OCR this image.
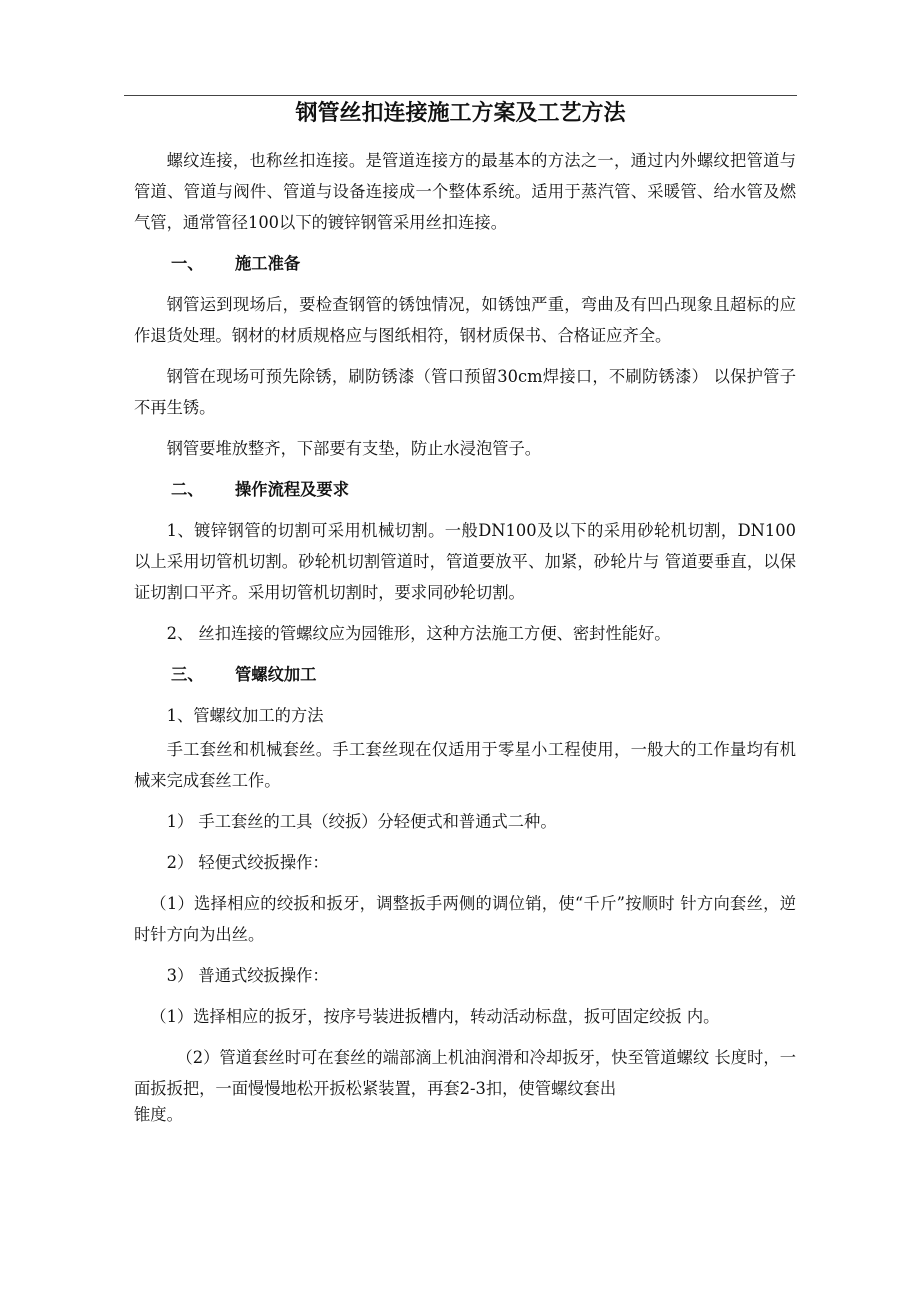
钢管丝扣连接施工方案及工艺方法

螺纹连接，也称丝扣连接。是管道连接方的最基本的方法之一，通过内外螺纹把管道与管道、管道与阀件、管道与设备连接成一个整体系统。适用于蒸汽管、采暖管、给水管及燃气管，通常管径100以下的镀锌钢管采用丝扣连接。

一、 施工准备

钢管运到现场后，要检查钢管的锈蚀情况，如锈蚀严重，弯曲及有凹凸现象且超标的应作退货处理。钢材的材质规格应与图纸相符，钢材质保书、合格证应齐全。

钢管在现场可预先除锈，刷防锈漆（管口预留30cm焊接口，不刷防锈漆） 以保护管子不再生锈。

钢管要堆放整齐，下部要有支垫，防止水浸泡管子。

二、 操作流程及要求

1、镀锌钢管的切割可采用机械切割。一般DN100及以下的采用砂轮机切割，DN100以上采用切管机切割。砂轮机切割管道时，管道要放平、加紧，砂轮片与 管道要垂直，以保证切割口平齐。采用切管机切割时，要求同砂轮切割。

2、 丝扣连接的管螺纹应为园锥形，这种方法施工方便、密封性能好。

三、 管螺纹加工

1、管螺纹加工的方法

手工套丝和机械套丝。手工套丝现在仅适用于零星小工程使用，一般大的工作量均有机械来完成套丝工作。

1） 手工套丝的工具（绞扳）分轻便式和普通式二种。

2） 轻便式绞扳操作：

（1）选择相应的绞扳和扳牙，调整扳手两侧的调位销，使“千斤”按顺时 针方向套丝，逆时针方向为出丝。

3） 普通式绞扳操作：

（1）选择相应的扳牙，按序号装进扳槽内，转动活动标盘，扳可固定绞扳 内。

（2）管道套丝时可在套丝的端部滴上机油润滑和冷却扳牙，快至管道螺纹 长度时，一面扳扳把，一面慢慢地松开扳松紧装置，再套2-3扣，使管螺纹套出

锥度。
